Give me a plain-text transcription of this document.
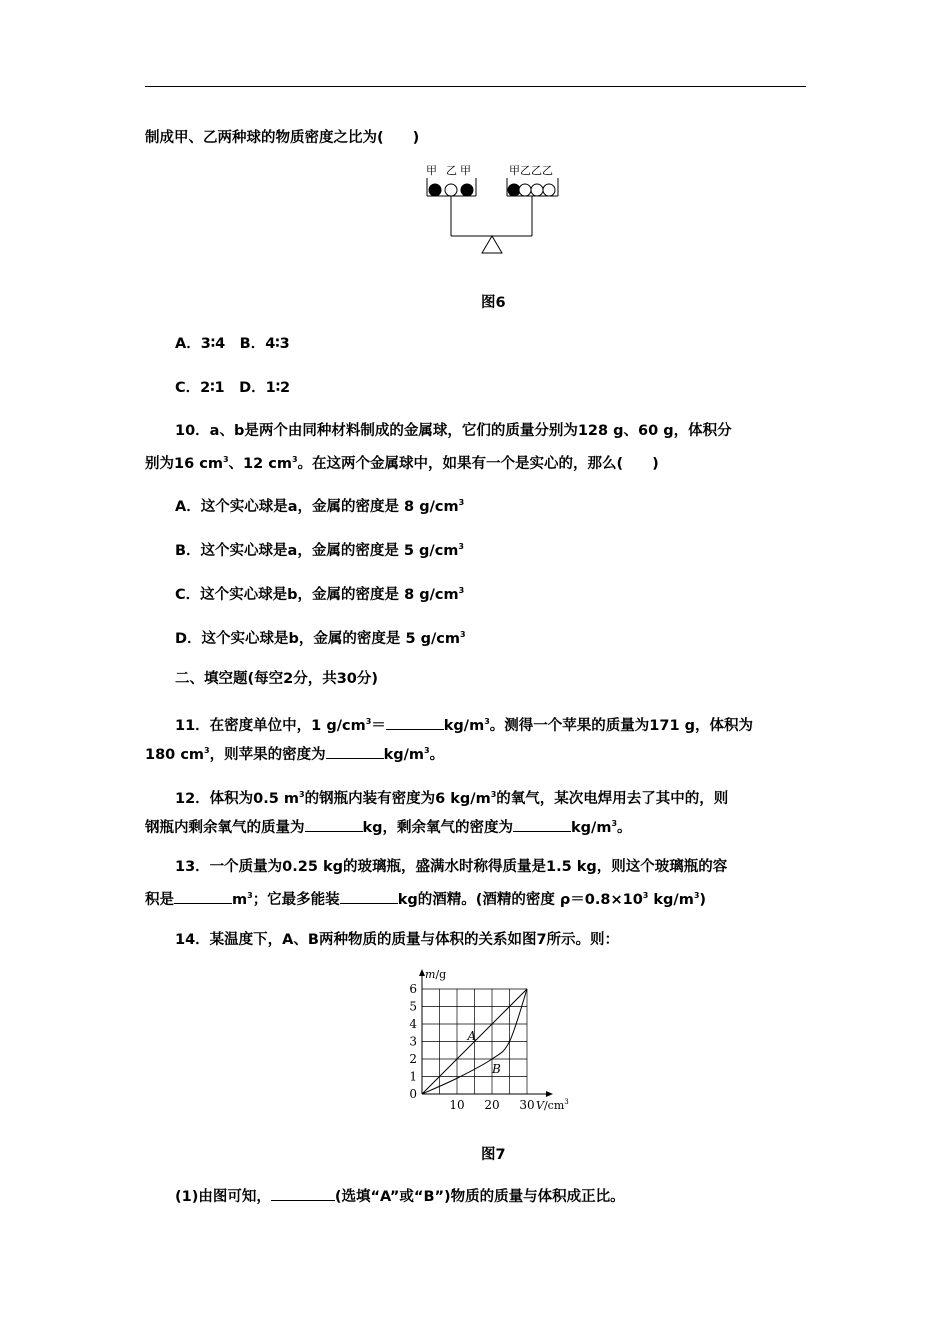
制成甲、乙两种球的物质密度之比为(　　)
甲 乙 甲	甲乙乙乙
图6
A．3∶4　B．4∶3
C．2∶1　D．1∶2
10．a、b是两个由同种材料制成的金属球，它们的质量分别为128 g、60 g，体积分
别为16 $cm^3$、12 $cm^3$。在这两个金属球中，如果有一个是实心的，那么(　　)
A．这个实心球是a，金属的密度是 8 $g/cm^3$
B．这个实心球是a，金属的密度是 5 $g/cm^3$
C．这个实心球是b，金属的密度是 8 $g/cm^3$
D．这个实心球是b，金属的密度是 5 $g/cm^3$
二、填空题(每空2分，共30分)
11．在密度单位中，1 $g/cm^3=$	$kg/m^3$。测得一个苹果的质量为171 g，体积为
180 $cm^3$，则苹果的密度为	$kg/m^3$。
12．体积为0.5 $m^3$的钢瓶内装有密度为6 $kg/m^3$的氧气，某次电焊用去了其中的，则
钢瓶内剩余氧气的质量为	kg，剩余氧气的密度为	$kg/m^3$。
13．一个质量为0.25 kg的玻璃瓶，盛满水时称得质量是1.5 kg，则这个玻璃瓶的容
积是	$m^3$；它最多能装	kg的酒精。(酒精的密度 $\rho=0.8\times 10^3$ $kg/m^3$)
14．某温度下，A、B两种物质的质量与体积的关系如图7所示。则：
0
1
2
3
4
5
6
10 20 30
m/g
$V/cm^3$
A
B
图7
(1)由图可知，	(选填“A”或“B”)物质的质量与体积成正比。
